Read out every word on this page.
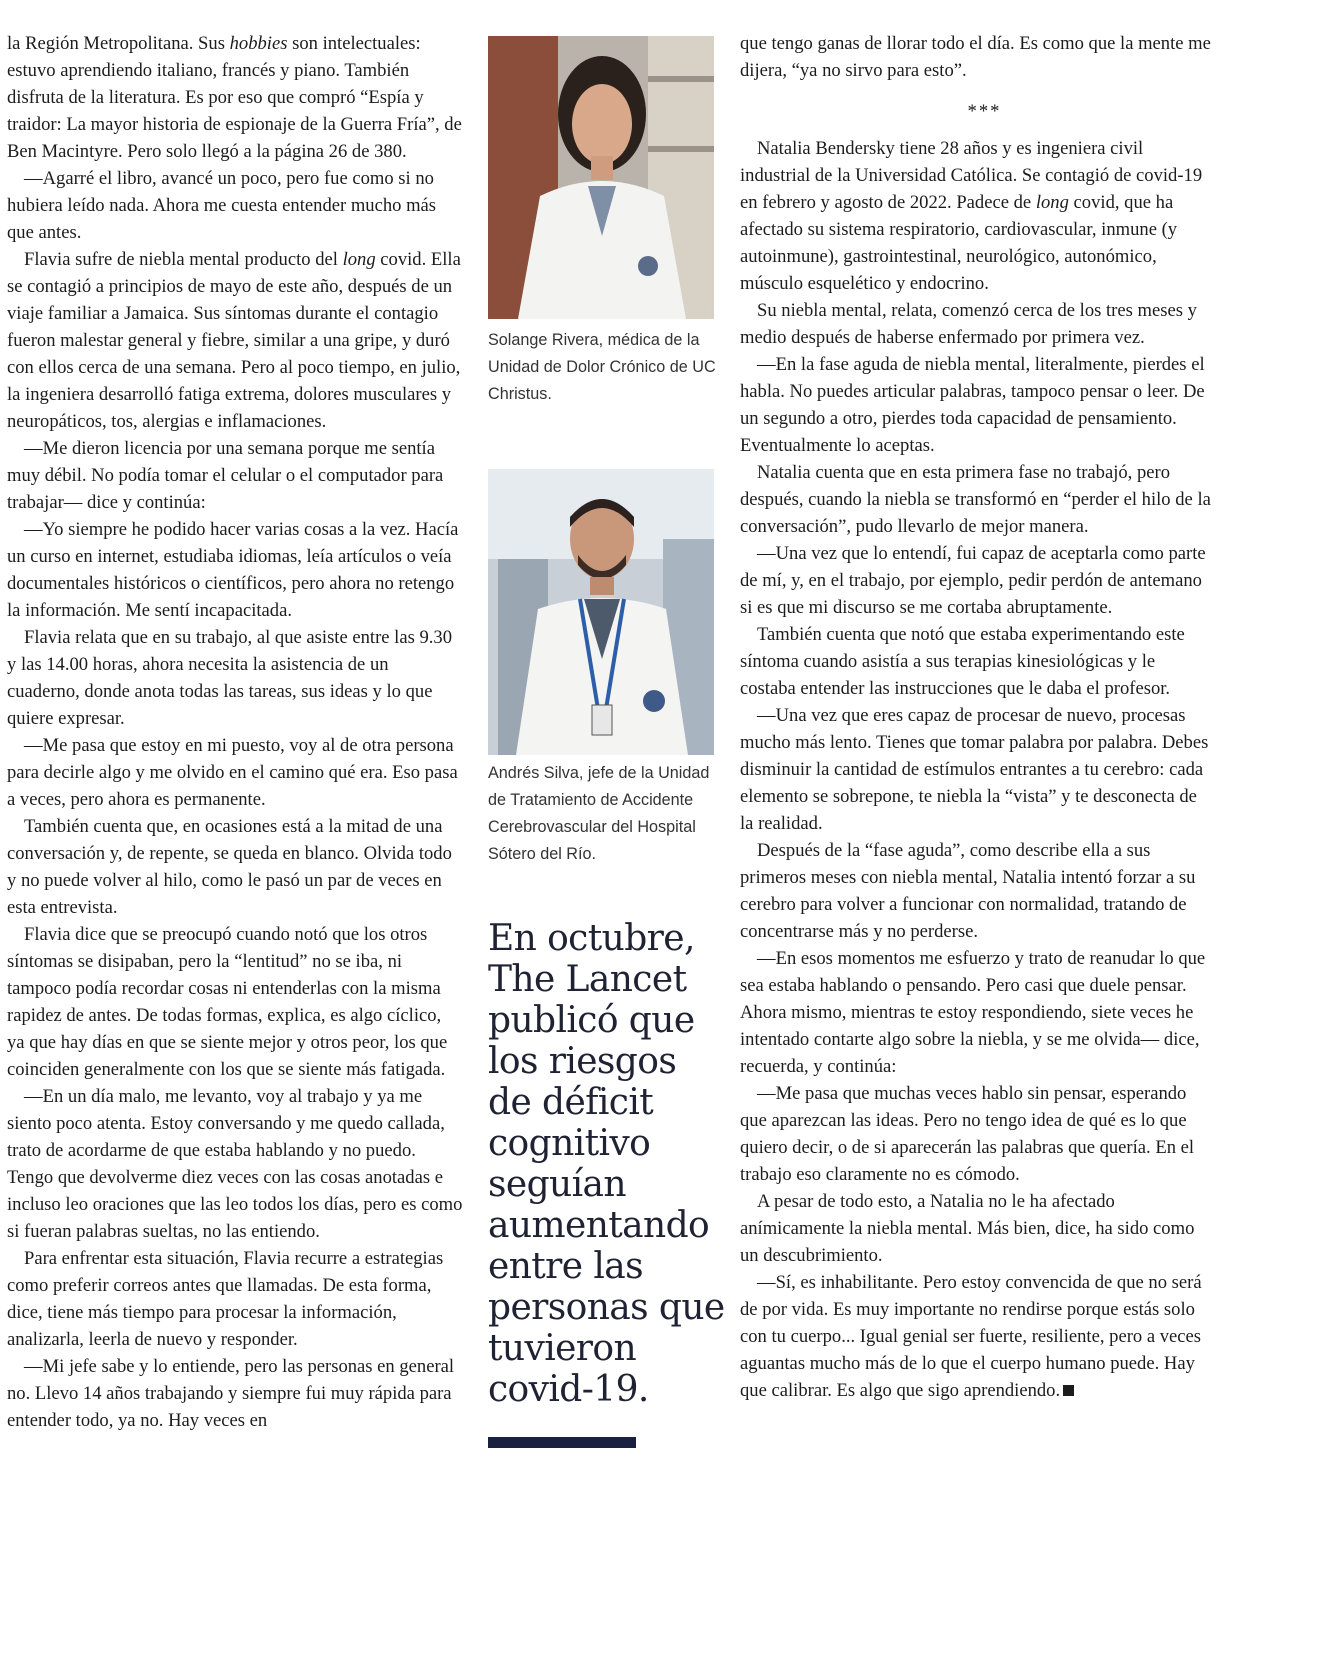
la Región Metropolitana. Sus hobbies son intelectuales: estuvo aprendiendo italiano, francés y piano. También disfruta de la literatura. Es por eso que compró “Espía y traidor: La mayor historia de espionaje de la Guerra Fría”, de Ben Macintyre. Pero solo llegó a la página 26 de 380.

—Agarré el libro, avancé un poco, pero fue como si no hubiera leído nada. Ahora me cuesta entender mucho más que antes.

Flavia sufre de niebla mental producto del long covid. Ella se contagió a principios de mayo de este año, después de un viaje familiar a Jamaica. Sus síntomas durante el contagio fueron malestar general y fiebre, similar a una gripe, y duró con ellos cerca de una semana. Pero al poco tiempo, en julio, la ingeniera desarrolló fatiga extrema, dolores musculares y neuropáticos, tos, alergias e inflamaciones.

—Me dieron licencia por una semana porque me sentía muy débil. No podía tomar el celular o el computador para trabajar— dice y continúa:

—Yo siempre he podido hacer varias cosas a la vez. Hacía un curso en internet, estudiaba idiomas, leía artículos o veía documentales históricos o científicos, pero ahora no retengo la información. Me sentí incapacitada.

Flavia relata que en su trabajo, al que asiste entre las 9.30 y las 14.00 horas, ahora necesita la asistencia de un cuaderno, donde anota todas las tareas, sus ideas y lo que quiere expresar.

—Me pasa que estoy en mi puesto, voy al de otra persona para decirle algo y me olvido en el camino qué era. Eso pasa a veces, pero ahora es permanente.

También cuenta que, en ocasiones está a la mitad de una conversación y, de repente, se queda en blanco. Olvida todo y no puede volver al hilo, como le pasó un par de veces en esta entrevista.

Flavia dice que se preocupó cuando notó que los otros síntomas se disipaban, pero la “lentitud” no se iba, ni tampoco podía recordar cosas ni entenderlas con la misma rapidez de antes. De todas formas, explica, es algo cíclico, ya que hay días en que se siente mejor y otros peor, los que coinciden generalmente con los que se siente más fatigada.

—En un día malo, me levanto, voy al trabajo y ya me siento poco atenta. Estoy conversando y me quedo callada, trato de acordarme de que estaba hablando y no puedo. Tengo que devolverme diez veces con las cosas anotadas e incluso leo oraciones que las leo todos los días, pero es como si fueran palabras sueltas, no las entiendo.

Para enfrentar esta situación, Flavia recurre a estrategias como preferir correos antes que llamadas. De esta forma, dice, tiene más tiempo para procesar la información, analizarla, leerla de nuevo y responder.

—Mi jefe sabe y lo entiende, pero las personas en general no. Llevo 14 años trabajando y siempre fui muy rápida para entender todo, ya no. Hay veces en

Solange Rivera, médica de la Unidad de Dolor Crónico de UC Christus.
Andrés Silva, jefe de la Unidad de Tratamiento de Accidente Cerebrovascular del Hospital Sótero del Río.
En octubre, The Lancet publicó que los riesgos de déficit cognitivo seguían aumentando entre las personas que tuvieron covid-19.

que tengo ganas de llorar todo el día. Es como que la mente me dijera, “ya no sirvo para esto”.

***

Natalia Bendersky tiene 28 años y es ingeniera civil industrial de la Universidad Católica. Se contagió de covid-19 en febrero y agosto de 2022. Padece de long covid, que ha afectado su sistema respiratorio, cardiovascular, inmune (y autoinmune), gastrointestinal, neurológico, autonómico, músculo esquelético y endocrino.

Su niebla mental, relata, comenzó cerca de los tres meses y medio después de haberse enfermado por primera vez.

—En la fase aguda de niebla mental, literalmente, pierdes el habla. No puedes articular palabras, tampoco pensar o leer. De un segundo a otro, pierdes toda capacidad de pensamiento. Eventualmente lo aceptas.

Natalia cuenta que en esta primera fase no trabajó, pero después, cuando la niebla se transformó en “perder el hilo de la conversación”, pudo llevarlo de mejor manera.

—Una vez que lo entendí, fui capaz de aceptarla como parte de mí, y, en el trabajo, por ejemplo, pedir perdón de antemano si es que mi discurso se me cortaba abruptamente.

También cuenta que notó que estaba experimentando este síntoma cuando asistía a sus terapias kinesiológicas y le costaba entender las instrucciones que le daba el profesor.

—Una vez que eres capaz de procesar de nuevo, procesas mucho más lento. Tienes que tomar palabra por palabra. Debes disminuir la cantidad de estímulos entrantes a tu cerebro: cada elemento se sobrepone, te niebla la “vista” y te desconecta de la realidad.

Después de la “fase aguda”, como describe ella a sus primeros meses con niebla mental, Natalia intentó forzar a su cerebro para volver a funcionar con normalidad, tratando de concentrarse más y no perderse.

—En esos momentos me esfuerzo y trato de reanudar lo que sea estaba hablando o pensando. Pero casi que duele pensar. Ahora mismo, mientras te estoy respondiendo, siete veces he intentado contarte algo sobre la niebla, y se me olvida— dice, recuerda, y continúa:

—Me pasa que muchas veces hablo sin pensar, esperando que aparezcan las ideas. Pero no tengo idea de qué es lo que quiero decir, o de si aparecerán las palabras que quería. En el trabajo eso claramente no es cómodo.

A pesar de todo esto, a Natalia no le ha afectado anímicamente la niebla mental. Más bien, dice, ha sido como un descubrimiento.

—Sí, es inhabilitante. Pero estoy convencida de que no será de por vida. Es muy importante no rendirse porque estás solo con tu cuerpo... Igual genial ser fuerte, resiliente, pero a veces aguantas mucho más de lo que el cuerpo humano puede. Hay que calibrar. Es algo que sigo aprendiendo.
